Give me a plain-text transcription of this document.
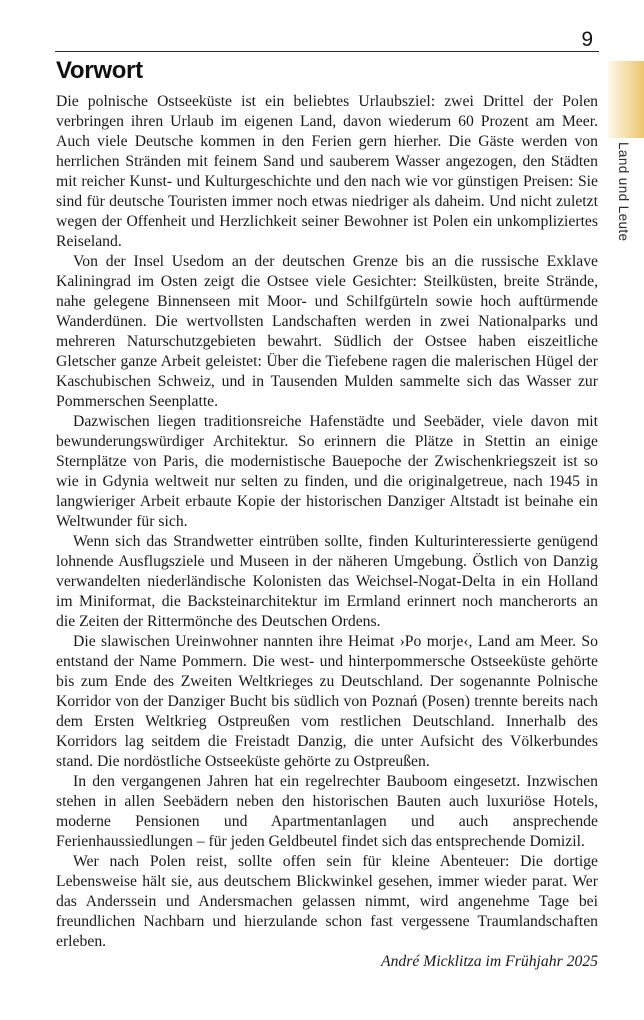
9
Vorwort

Die polnische Ostseeküste ist ein beliebtes Urlaubsziel: zwei Drittel der Polen verbringen ihren Urlaub im eigenen Land, davon wiederum 60 Prozent am Meer. Auch viele Deutsche kommen in den Ferien gern hierher. Die Gäste werden von herrlichen Stränden mit feinem Sand und sauberem Wasser angezogen, den Städten mit reicher Kunst- und Kulturgeschichte und den nach wie vor günstigen Preisen: Sie sind für deutsche Touristen immer noch etwas niedriger als daheim. Und nicht zuletzt wegen der Offenheit und Herzlichkeit seiner Bewohner ist Polen ein unkompliziertes Reiseland.

Von der Insel Usedom an der deutschen Grenze bis an die russische Exklave Kaliningrad im Osten zeigt die Ostsee viele Gesichter: Steilküsten, breite Strände, nahe gelegene Binnenseen mit Moor- und Schilfgürteln sowie hoch auftürmende Wanderdünen. Die wertvollsten Landschaften werden in zwei Nationalparks und mehreren Naturschutzgebieten bewahrt. Südlich der Ostsee haben eiszeitliche Gletscher ganze Arbeit geleistet: Über die Tiefebene ragen die malerischen Hügel der Kaschubischen Schweiz, und in Tausenden Mulden sammelte sich das Wasser zur Pommerschen Seenplatte.

Dazwischen liegen traditionsreiche Hafenstädte und Seebäder, viele davon mit bewunderungswürdiger Architektur. So erinnern die Plätze in Stettin an einige Sternplätze von Paris, die modernistische Bauepoche der Zwischenkriegszeit ist so wie in Gdynia weltweit nur selten zu finden, und die originalgetreue, nach 1945 in langwieriger Arbeit erbaute Kopie der historischen Danziger Altstadt ist beinahe ein Weltwunder für sich.

Wenn sich das Strandwetter eintrüben sollte, finden Kulturinteressierte genügend lohnende Ausflugsziele und Museen in der näheren Umgebung. Östlich von Danzig verwandelten niederländische Kolonisten das Weichsel-Nogat-Delta in ein Holland im Miniformat, die Backsteinarchitektur im Ermland erinnert noch mancherorts an die Zeiten der Rittermönche des Deutschen Ordens.

Die slawischen Ureinwohner nannten ihre Heimat ›Po morje‹, Land am Meer. So entstand der Name Pommern. Die west- und hinterpommersche Ostseeküste gehörte bis zum Ende des Zweiten Weltkrieges zu Deutschland. Der sogenannte Polnische Korridor von der Danziger Bucht bis südlich von Poznań (Posen) trennte bereits nach dem Ersten Weltkrieg Ostpreußen vom restlichen Deutschland. Innerhalb des Korridors lag seitdem die Freistadt Danzig, die unter Aufsicht des Völkerbundes stand. Die nordöstliche Ostseeküste gehörte zu Ostpreußen.

In den vergangenen Jahren hat ein regelrechter Bauboom eingesetzt. Inzwischen stehen in allen Seebädern neben den historischen Bauten auch luxuriöse Hotels, moderne Pensionen und Apartmentanlagen und auch ansprechende Ferienhaussiedlungen – für jeden Geldbeutel findet sich das entsprechende Domizil.

Wer nach Polen reist, sollte offen sein für kleine Abenteuer: Die dortige Lebensweise hält sie, aus deutschem Blickwinkel gesehen, immer wieder parat. Wer das Anderssein und Andersmachen gelassen nimmt, wird angenehme Tage bei freundlichen Nachbarn und hierzulande schon fast vergessene Traumlandschaften erleben.

André Micklitza im Frühjahr 2025

Land und Leute
